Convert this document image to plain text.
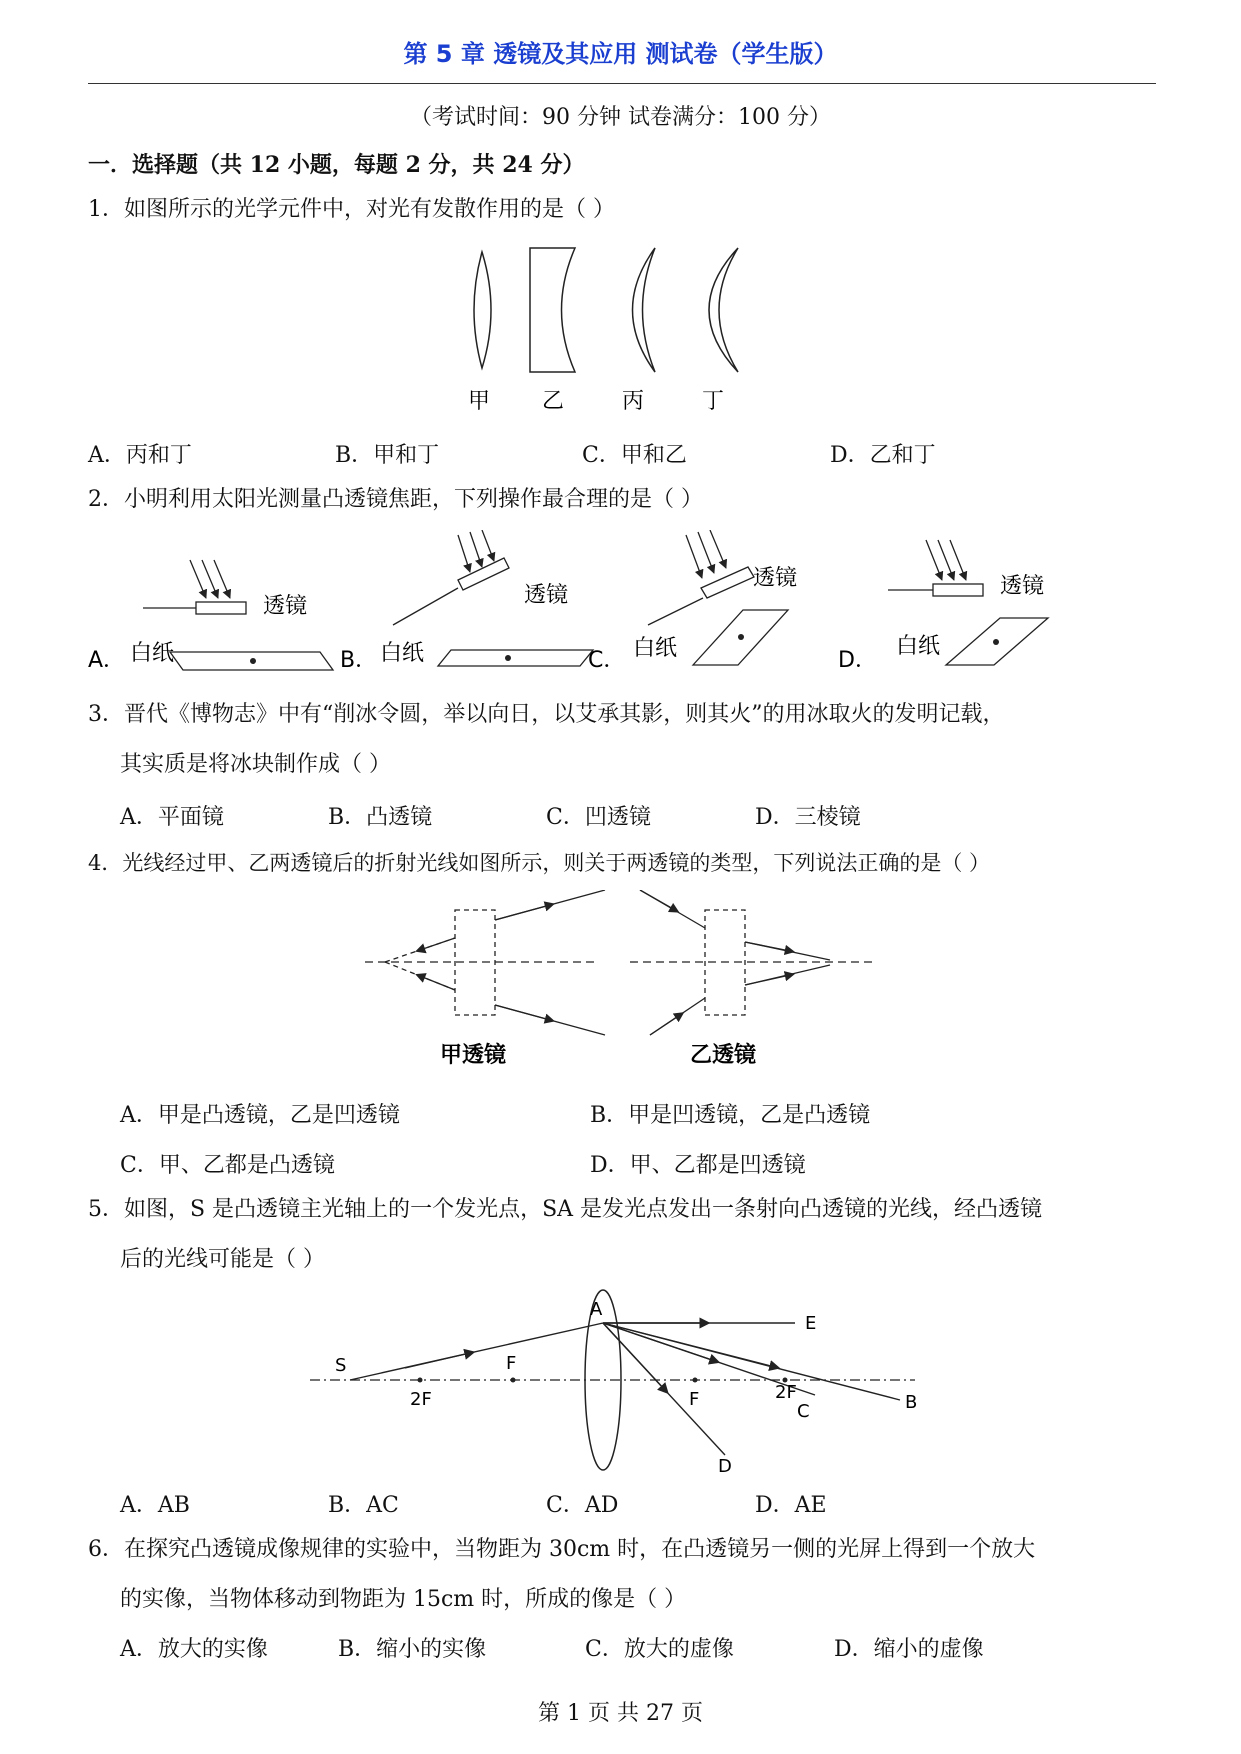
第 5 章 透镜及其应用 测试卷（学生版）
（考试时间：90 分钟 试卷满分：100 分）
一．选择题（共 12 小题，每题 2 分，共 24 分）
1．如图所示的光学元件中，对光有发散作用的是（ ）
甲 乙	丙	丁
A．丙和丁	B．甲和丁	C．甲和乙	D．乙和丁
2．小明利用太阳光测量凸透镜焦距，下列操作最合理的是（ ）
A．
透镜
白纸	B．
透镜
白纸	C．
透镜
白纸	D．
透镜
白纸
3．晋代《博物志》中有“削冰令圆，举以向日，以艾承其影，则其火”的用冰取火的发明记载，
其实质是将冰块制作成（ ）
A．平面镜	B．凸透镜	C．凹透镜	D．三棱镜
4．光线经过甲、乙两透镜后的折射光线如图所示，则关于两透镜的类型，下列说法正确的是（ ）
甲透镜	乙透镜
A．甲是凸透镜，乙是凹透镜	B．甲是凹透镜，乙是凸透镜
C．甲、乙都是凸透镜	D．甲、乙都是凹透镜
5．如图，S 是凸透镜主光轴上的一个发光点，SA 是发光点发出一条射向凸透镜的光线，经凸透镜
后的光线可能是（ ）
S
A
E
B
C
D
F
2F	F	2F
A．AB	B．AC	C．AD	D．AE
6．在探究凸透镜成像规律的实验中，当物距为 30cm 时，在凸透镜另一侧的光屏上得到一个放大
的实像，当物体移动到物距为 15cm 时，所成的像是（ ）
A．放大的实像	B．缩小的实像	C．放大的虚像	D．缩小的虚像
第 1 页 共 27 页
